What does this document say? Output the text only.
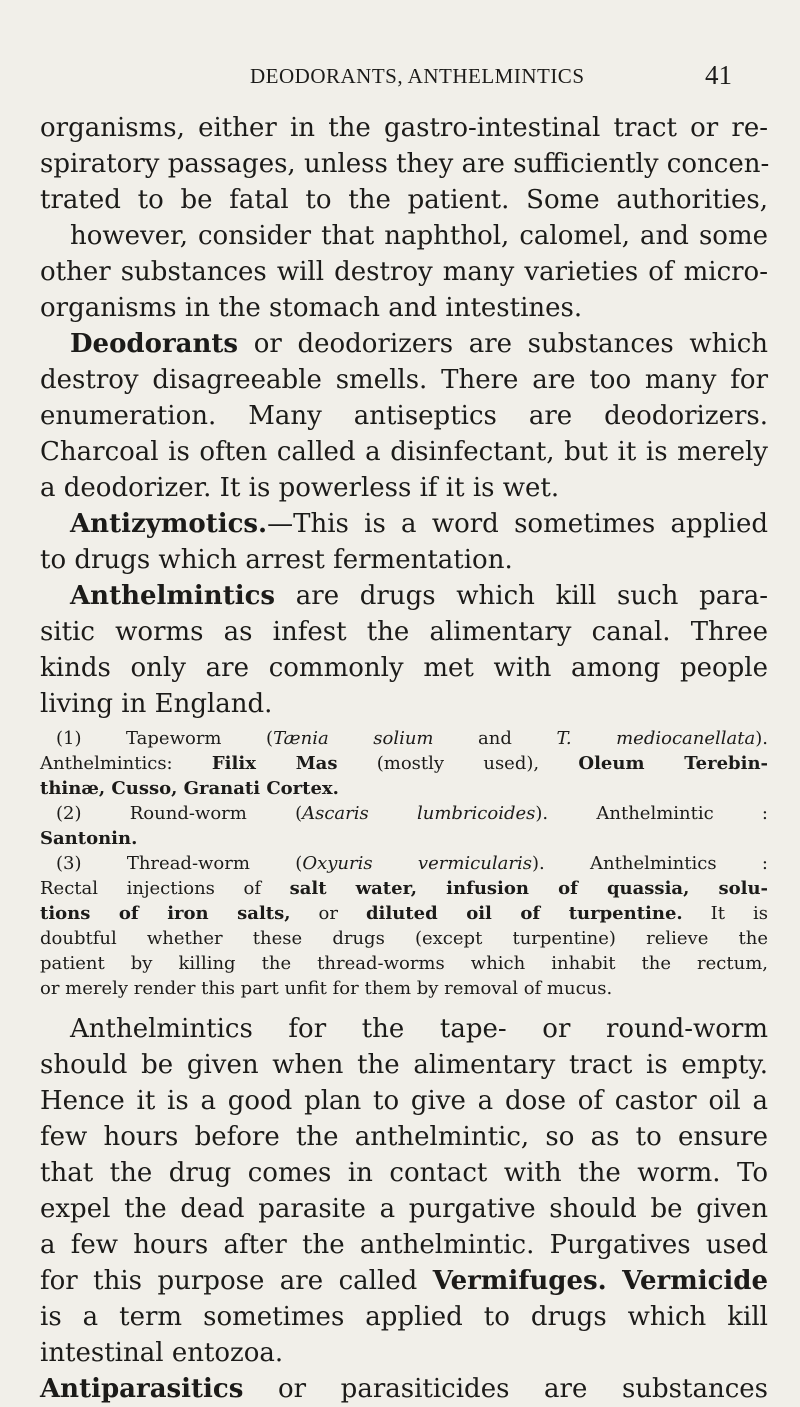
DEODORANTS, ANTHELMINTICS	41
organisms, either in the gastro-intestinal tract or re-
spiratory passages, unless they are sufficiently concen-
trated to be fatal to the patient. Some authorities,
however, consider that naphthol, calomel, and some
other substances will destroy many varieties of micro-
organisms in the stomach and intestines.
Deodorants or deodorizers are substances which
destroy disagreeable smells. There are too many for
enumeration. Many antiseptics are deodorizers.
Charcoal is often called a disinfectant, but it is merely
a deodorizer. It is powerless if it is wet.
Antizymotics.—This is a word sometimes applied
to drugs which arrest fermentation.
Anthelmintics are drugs which kill such para-
sitic worms as infest the alimentary canal. Three
kinds only are commonly met with among people
living in England.
(1) Tapeworm (Tænia solium and T. mediocanellata).
Anthelmintics: Filix Mas (mostly used), Oleum Terebin-
thinæ, Cusso, Granati Cortex.
(2) Round-worm (Ascaris lumbricoides). Anthelmintic :
Santonin.
(3) Thread-worm (Oxyuris vermicularis). Anthelmintics :
Rectal injections of salt water, infusion of quassia, solu-
tions of iron salts, or diluted oil of turpentine. It is
doubtful whether these drugs (except turpentine) relieve the
patient by killing the thread-worms which inhabit the rectum,
or merely render this part unfit for them by removal of mucus.
Anthelmintics for the tape- or round-worm
should be given when the alimentary tract is empty.
Hence it is a good plan to give a dose of castor oil a
few hours before the anthelmintic, so as to ensure
that the drug comes in contact with the worm. To
expel the dead parasite a purgative should be given
a few hours after the anthelmintic. Purgatives used
for this purpose are called Vermifuges. Vermicide
is a term sometimes applied to drugs which kill
intestinal entozoa.
Antiparasitics or parasiticides are substances
